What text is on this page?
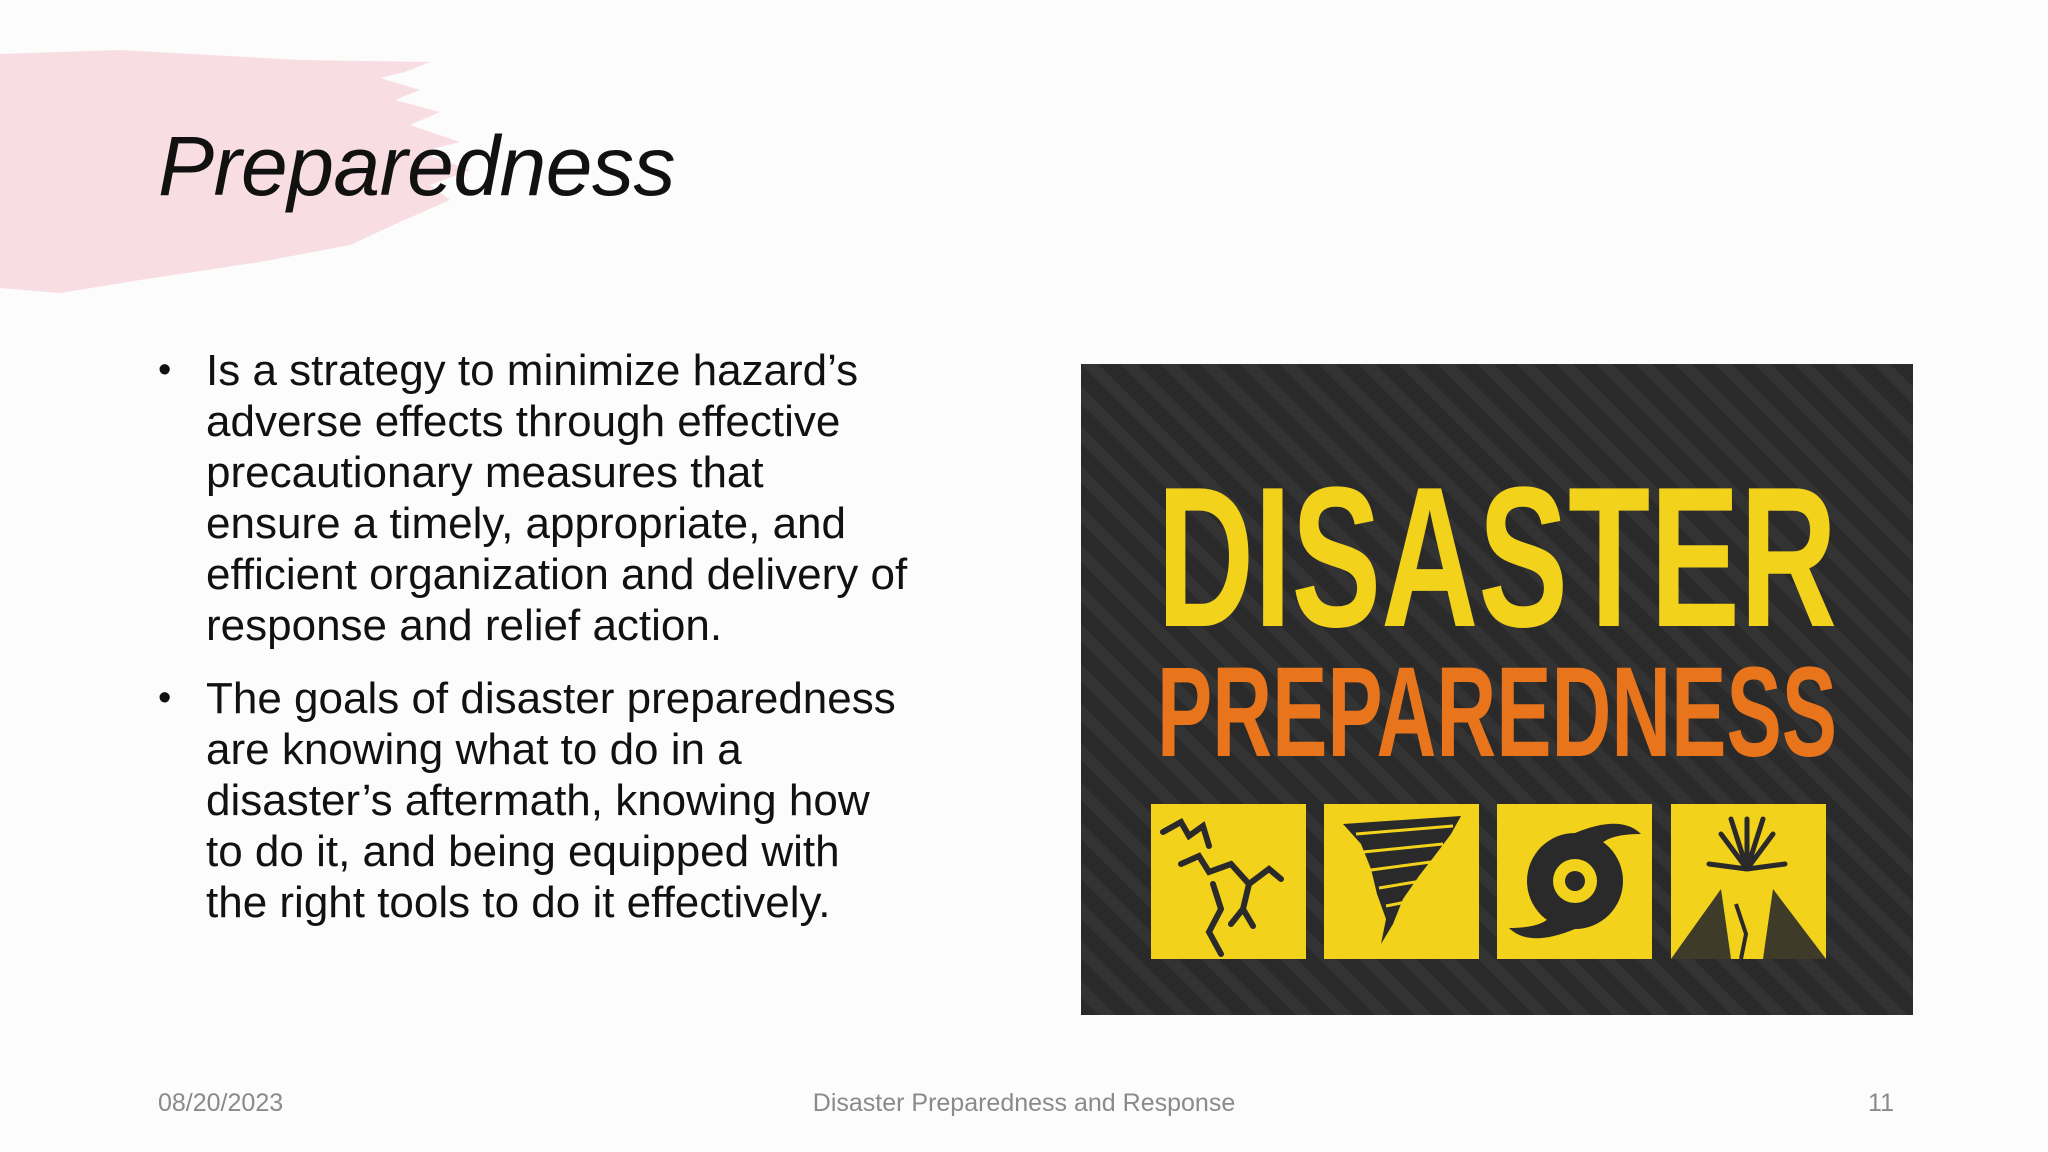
Preparedness
• Is a strategy to minimize hazard’s
adverse effects through effective
precautionary measures that
ensure a timely, appropriate, and
efficient organization and delivery of
response and relief action.
• The goals of disaster preparedness
are knowing what to do in a
disaster’s aftermath, knowing how
to do it, and being equipped with
the right tools to do it effectively.
DISASTER
PREPAREDNESS
08/20/2023	Disaster Preparedness and Response	11
